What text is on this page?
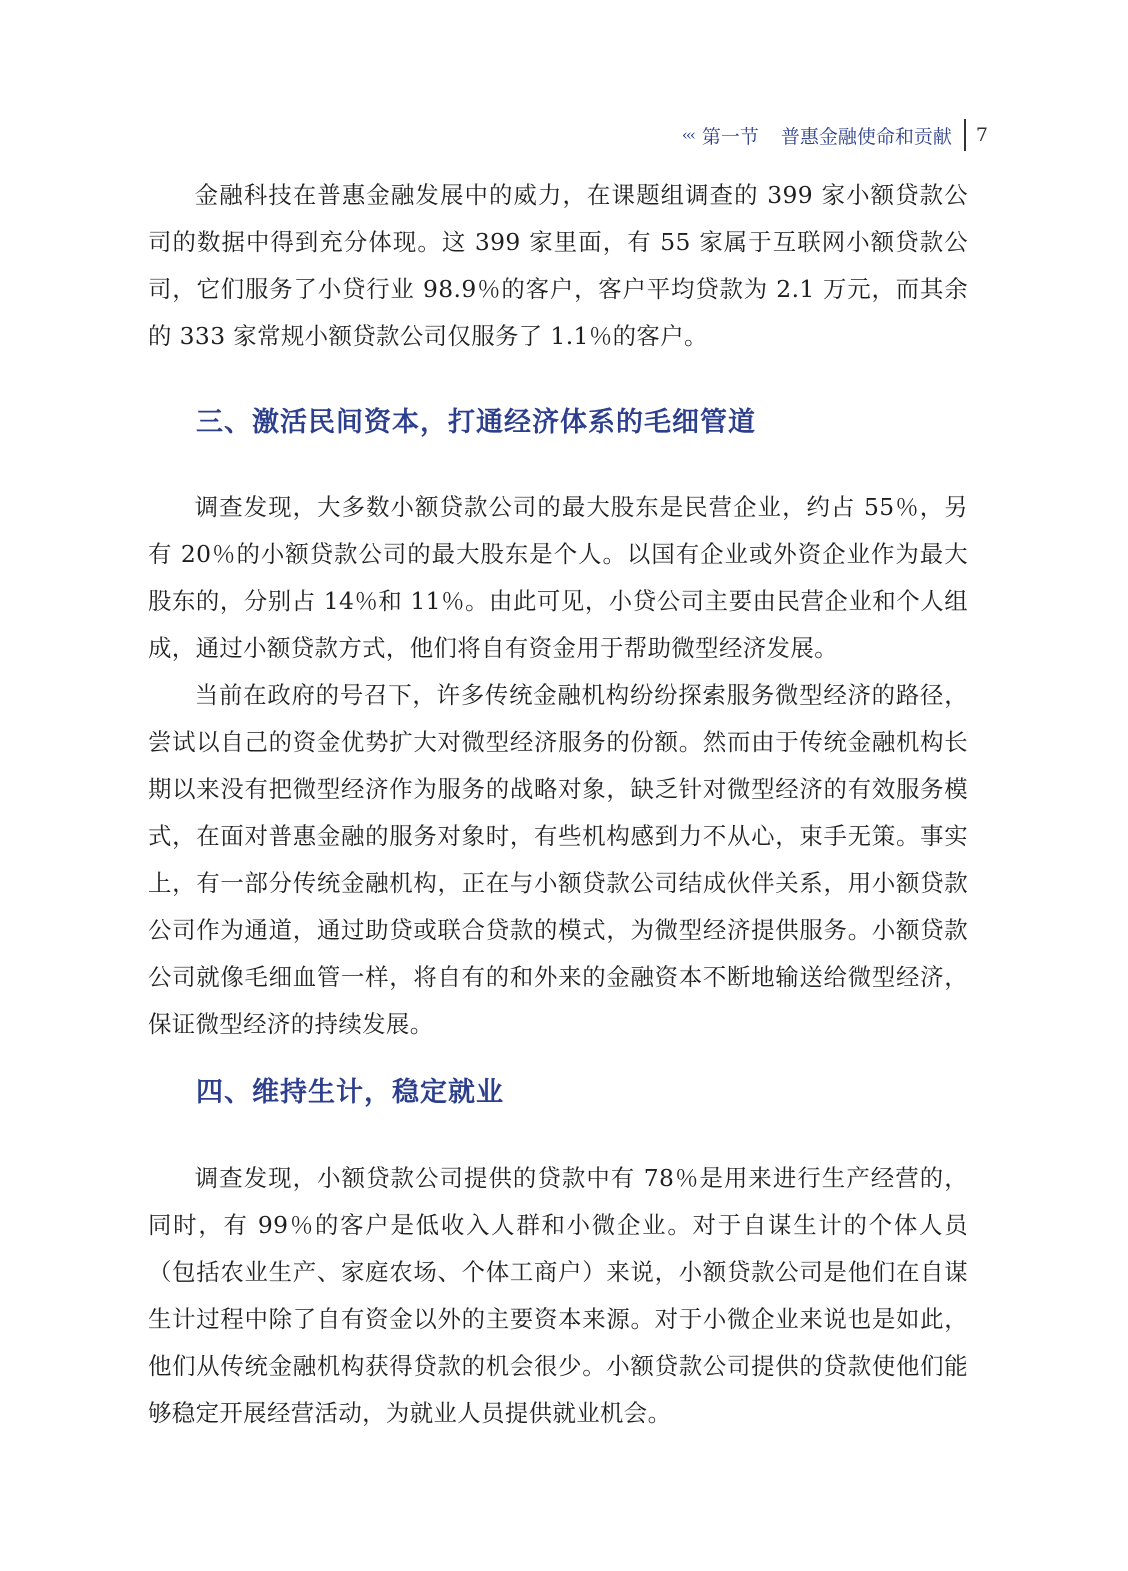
‹‹‹ 第一节 普惠金融使命和贡献 7

金融科技在普惠金融发展中的威力，在课题组调查的 399 家小额贷款公司的数据中得到充分体现。这 399 家里面，有 55 家属于互联网小额贷款公司，它们服务了小贷行业 98.9％的客户，客户平均贷款为 2.1 万元，而其余的 333 家常规小额贷款公司仅服务了 1.1％的客户。

三、激活民间资本，打通经济体系的毛细管道

调查发现，大多数小额贷款公司的最大股东是民营企业，约占 55％，另有 20％的小额贷款公司的最大股东是个人。以国有企业或外资企业作为最大股东的，分别占 14％和 11％。由此可见，小贷公司主要由民营企业和个人组成，通过小额贷款方式，他们将自有资金用于帮助微型经济发展。

当前在政府的号召下，许多传统金融机构纷纷探索服务微型经济的路径，尝试以自己的资金优势扩大对微型经济服务的份额。然而由于传统金融机构长期以来没有把微型经济作为服务的战略对象，缺乏针对微型经济的有效服务模式，在面对普惠金融的服务对象时，有些机构感到力不从心，束手无策。事实上，有一部分传统金融机构，正在与小额贷款公司结成伙伴关系，用小额贷款公司作为通道，通过助贷或联合贷款的模式，为微型经济提供服务。小额贷款公司就像毛细血管一样，将自有的和外来的金融资本不断地输送给微型经济，保证微型经济的持续发展。

四、维持生计，稳定就业

调查发现，小额贷款公司提供的贷款中有 78％是用来进行生产经营的，同时，有 99％的客户是低收入人群和小微企业。对于自谋生计的个体人员（包括农业生产、家庭农场、个体工商户）来说，小额贷款公司是他们在自谋生计过程中除了自有资金以外的主要资本来源。对于小微企业来说也是如此，他们从传统金融机构获得贷款的机会很少。小额贷款公司提供的贷款使他们能够稳定开展经营活动，为就业人员提供就业机会。
